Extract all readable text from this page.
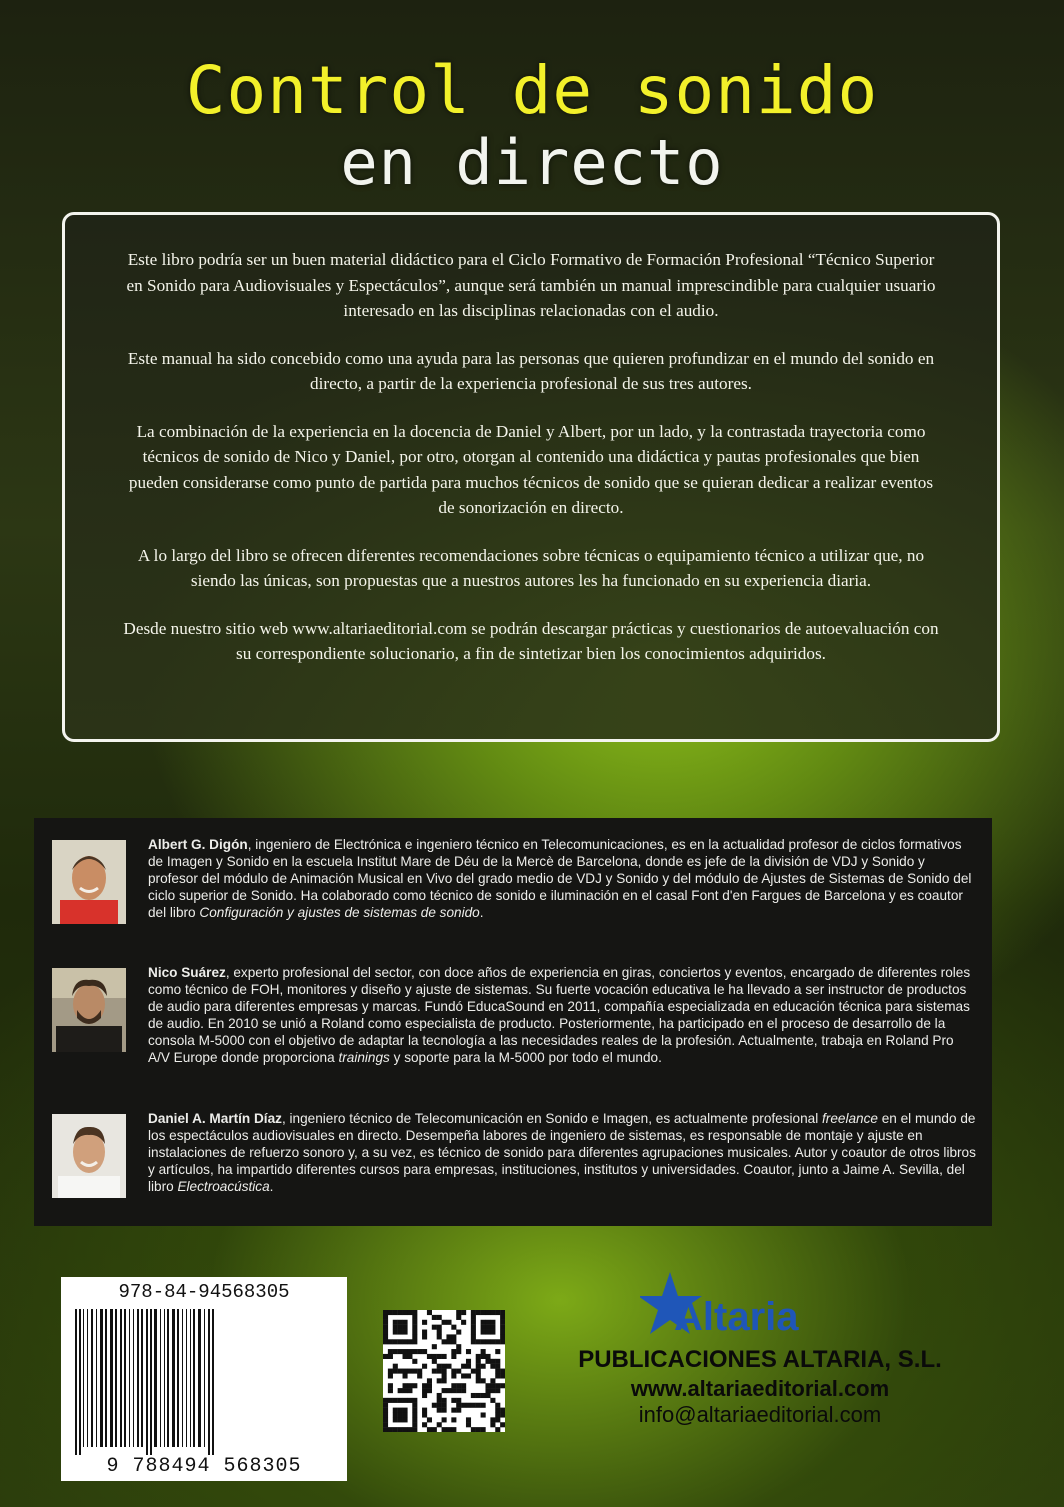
Control de sonido
en directo

Este libro podría ser un buen material didáctico para el Ciclo Formativo de Formación Profesional “Técnico Superior en Sonido para Audiovisuales y Espectáculos”, aunque será también un manual imprescindible para cualquier usuario interesado en las disciplinas relacionadas con el audio.

Este manual ha sido concebido como una ayuda para las personas que quieren profundizar en el mundo del sonido en directo, a partir de la experiencia profesional de sus tres autores.

La combinación de la experiencia en la docencia de Daniel y Albert, por un lado, y la contrastada trayectoria como técnicos de sonido de Nico y Daniel, por otro, otorgan al contenido una didáctica y pautas profesionales que bien pueden considerarse como punto de partida para muchos técnicos de sonido que se quieran dedicar a realizar eventos de sonorización en directo.

A lo largo del libro se ofrecen diferentes recomendaciones sobre técnicas o equipamiento técnico a utilizar que, no siendo las únicas, son propuestas que a nuestros autores les ha funcionado en su experiencia diaria.

Desde nuestro sitio web www.altariaeditorial.com se podrán descargar prácticas y cuestionarios de autoevaluación con su correspondiente solucionario, a fin de sintetizar bien los conocimientos adquiridos.

Albert G. Digón, ingeniero de Electrónica e ingeniero técnico en Telecomunicaciones, es en la actualidad profesor de ciclos formativos de Imagen y Sonido en la escuela Institut Mare de Déu de la Mercè de Barcelona, donde es jefe de la división de VDJ y Sonido y profesor del módulo de Animación Musical en Vivo del grado medio de VDJ y Sonido y del módulo de Ajustes de Sistemas de Sonido del ciclo superior de Sonido. Ha colaborado como técnico de sonido e iluminación en el casal Font d'en Fargues de Barcelona y es coautor del libro Configuración y ajustes de sistemas de sonido.
Nico Suárez, experto profesional del sector, con doce años de experiencia en giras, conciertos y eventos, encargado de diferentes roles como técnico de FOH, monitores y diseño y ajuste de sistemas. Su fuerte vocación educativa le ha llevado a ser instructor de productos de audio para diferentes empresas y marcas. Fundó EducaSound en 2011, compañía especializada en educación técnica para sistemas de audio. En 2010 se unió a Roland como especialista de producto. Posteriormente, ha participado en el proceso de desarrollo de la consola M-5000 con el objetivo de adaptar la tecnología a las necesidades reales de la profesión. Actualmente, trabaja en Roland Pro A/V Europe donde proporciona trainings y soporte para la M-5000 por todo el mundo.
Daniel A. Martín Díaz, ingeniero técnico de Telecomunicación en Sonido e Imagen, es actualmente profesional freelance en el mundo de los espectáculos audiovisuales en directo. Desempeña labores de ingeniero de sistemas, es responsable de montaje y ajuste en instalaciones de refuerzo sonoro y, a su vez, es técnico de sonido para diferentes agrupaciones musicales. Autor y coautor de otros libros y artículos, ha impartido diferentes cursos para empresas, instituciones, institutos y universidades. Coautor, junto a Jaime A. Sevilla, del libro Electroacústica.
978-84-94568305
9 788494 568305
Altaria
PUBLICACIONES ALTARIA, S.L.
www.altariaeditorial.com
info@altariaeditorial.com
